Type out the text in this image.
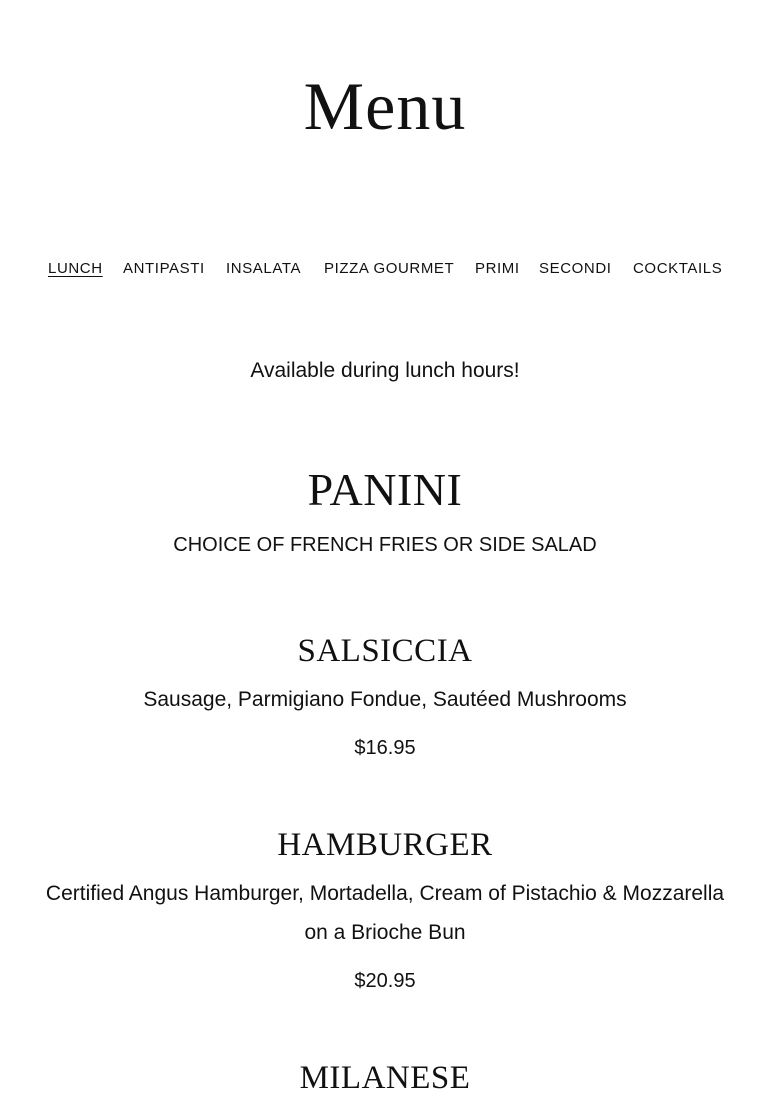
Menu
LUNCH ANTIPASTI INSALATA PIZZA GOURMET PRIMI SECONDI COCKTAILS
Available during lunch hours!
PANINI
CHOICE OF FRENCH FRIES OR SIDE SALAD
SALSICCIA
Sausage, Parmigiano Fondue, Sautéed Mushrooms
$16.95
HAMBURGER
Certified Angus Hamburger, Mortadella, Cream of Pistachio & Mozzarella on a Brioche Bun
$20.95
MILANESE
